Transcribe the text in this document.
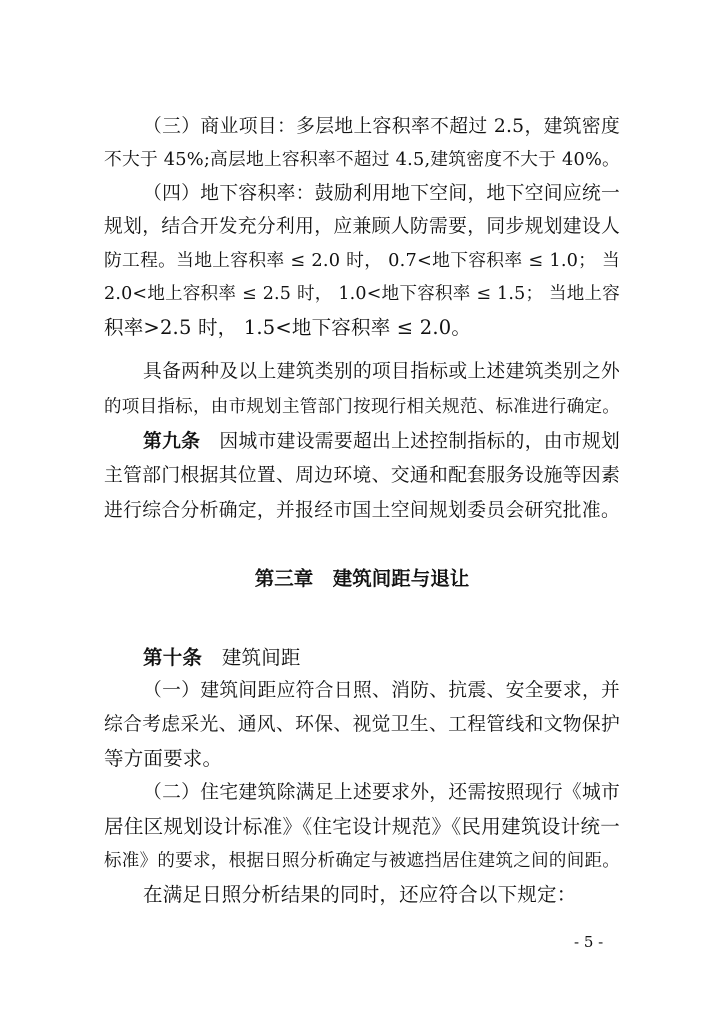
（三）商业项目：多层地上容积率不超过 2.5，建筑密度
不大于 45%;高层地上容积率不超过 4.5,建筑密度不大于 40%。
（四）地下容积率：鼓励利用地下空间，地下空间应统一
规划，结合开发充分利用，应兼顾人防需要，同步规划建设人
防工程。当地上容积率 ≤ 2.0 时， 0.7<地下容积率 ≤ 1.0； 当
2.0<地上容积率 ≤ 2.5 时， 1.0<地下容积率 ≤ 1.5； 当地上容
积率>2.5 时， 1.5<地下容积率 ≤ 2.0。
具备两种及以上建筑类别的项目指标或上述建筑类别之外
的项目指标，由市规划主管部门按现行相关规范、标准进行确定。
第九条　 因城市建设需要超出上述控制指标的，由市规划
主管部门根据其位置、周边环境、交通和配套服务设施等因素
进行综合分析确定，并报经市国土空间规划委员会研究批准。
第三章　建筑间距与退让
第十条　 建筑间距
（一）建筑间距应符合日照、消防、抗震、安全要求，并
综合考虑采光、通风、环保、视觉卫生、工程管线和文物保护
等方面要求。
（二）住宅建筑除满足上述要求外，还需按照现行《城市
居住区规划设计标准》《住宅设计规范》《民用建筑设计统一
标准》的要求，根据日照分析确定与被遮挡居住建筑之间的间距。
在满足日照分析结果的同时，还应符合以下规定：
- 5 -
